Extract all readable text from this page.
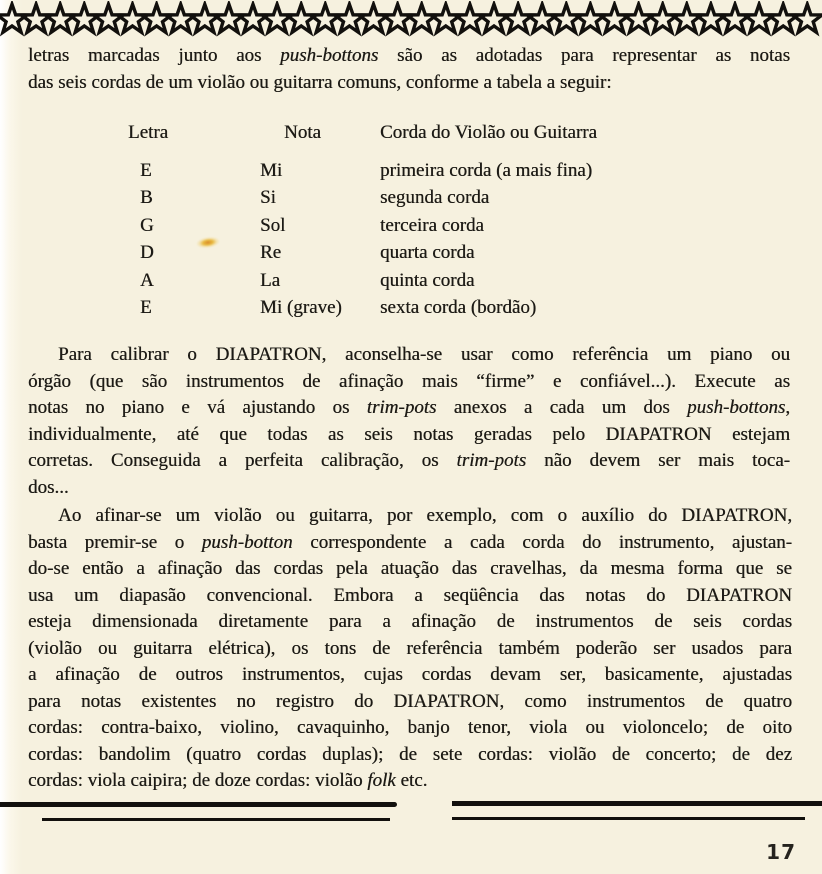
letras marcadas junto aos push-bottons são as adotadas para representar as notas
das seis cordas de um violão ou guitarra comuns, conforme a tabela a seguir:
Letra	Nota	Corda do Violão ou Guitarra
E	Mi	primeira corda (a mais fina)
B	Si	segunda corda
G	Sol	terceira corda
D	Re	quarta corda
A	La	quinta corda
E	Mi (grave)	sexta corda (bordão)
Para calibrar o DIAPATRON, aconselha-se usar como referência um piano ou
órgão (que são instrumentos de afinação mais “firme” e confiável...). Execute as
notas no piano e vá ajustando os trim-pots anexos a cada um dos push-bottons,
individualmente, até que todas as seis notas geradas pelo DIAPATRON estejam
corretas. Conseguida a perfeita calibração, os trim-pots não devem ser mais toca-
dos...
Ao afinar-se um violão ou guitarra, por exemplo, com o auxílio do DIAPATRON,
basta premir-se o push-botton correspondente a cada corda do instrumento, ajustan-
do-se então a afinação das cordas pela atuação das cravelhas, da mesma forma que se
usa um diapasão convencional. Embora a seqüência das notas do DIAPATRON
esteja dimensionada diretamente para a afinação de instrumentos de seis cordas
(violão ou guitarra elétrica), os tons de referência também poderão ser usados para
a afinação de outros instrumentos, cujas cordas devam ser, basicamente, ajustadas
para notas existentes no registro do DIAPATRON, como instrumentos de quatro
cordas: contra-baixo, violino, cavaquinho, banjo tenor, viola ou violoncelo; de oito
cordas: bandolim (quatro cordas duplas); de sete cordas: violão de concerto; de dez
cordas: viola caipira; de doze cordas: violão folk etc.
17
